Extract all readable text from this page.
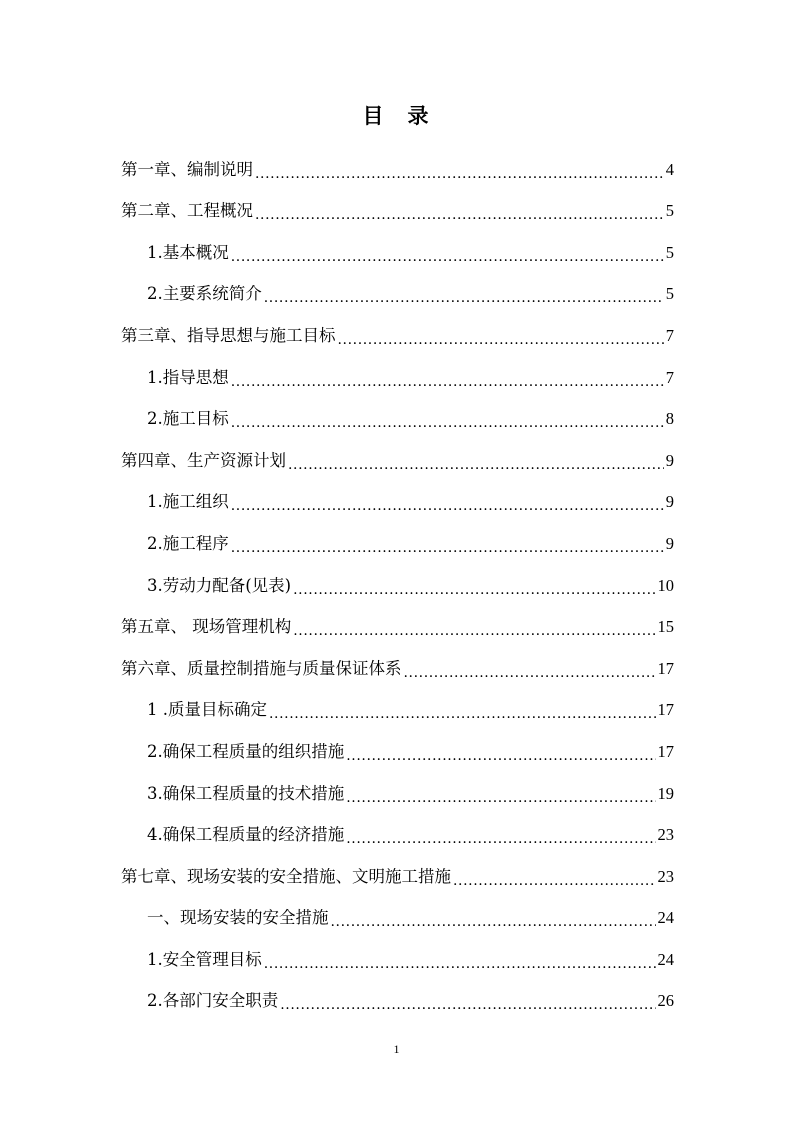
目 录
第一章、编制说明 .....	4
第二章、工程概况 .....	5
1.基本概况 .....	5
2.主要系统简介 .....	5
第三章、指导思想与施工目标 .....	7
1.指导思想 .....	7
2.施工目标 .....	8
第四章、生产资源计划 .....	9
1.施工组织 .....	9
2.施工程序 .....	9
3.劳动力配备(见表) .....	10
第五章、 现场管理机构 .....	15
第六章、质量控制措施与质量保证体系 .....	17
1 .质量目标确定 .....	17
2.确保工程质量的组织措施 .....	17
3.确保工程质量的技术措施 .....	19
4.确保工程质量的经济措施 .....	23
第七章、现场安装的安全措施、文明施工措施 .....	23
一、现场安装的安全措施 .....	24
1.安全管理目标 .....	24
2.各部门安全职责 .....	26
1
